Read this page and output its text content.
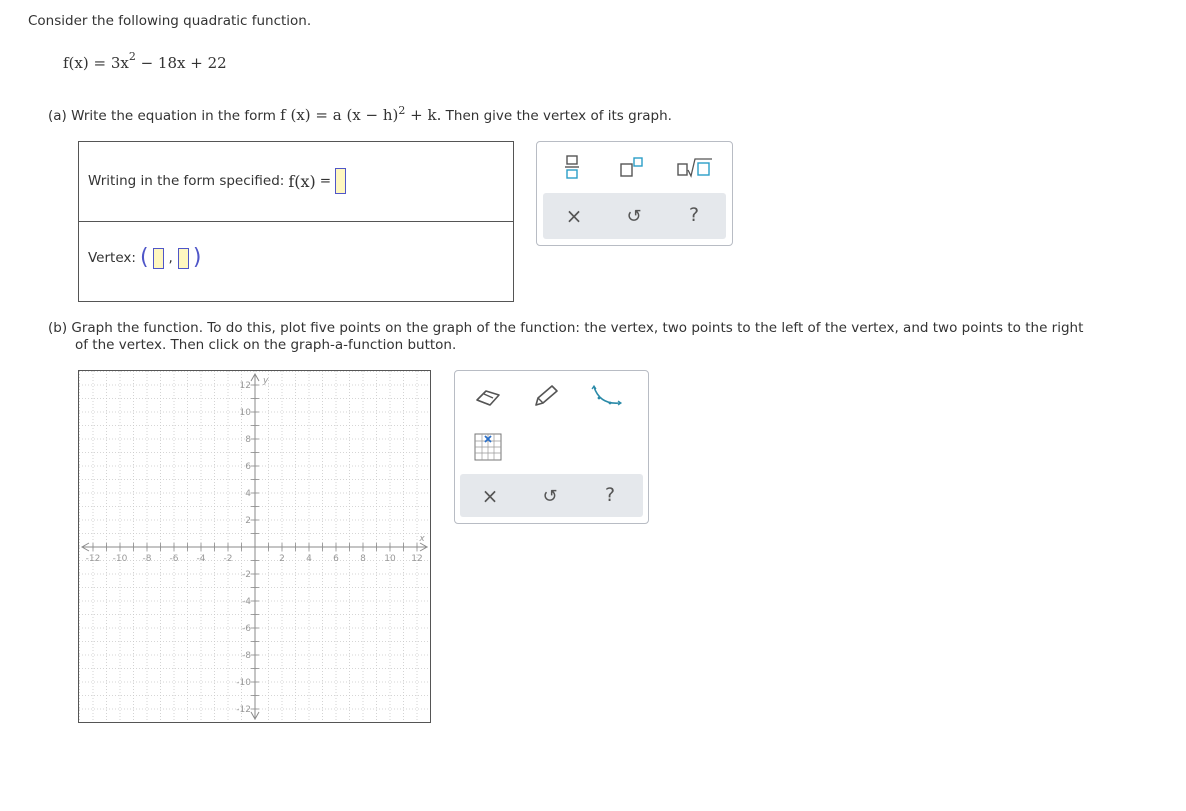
Consider the following quadratic function.
$f(x) = 3x^2 - 18x + 22$
(a) Write the equation in the form f (x) = a $(x - h)^2 + k$. Then give the vertex of its graph.
Writing in the form specified: f(x) =
Vertex: ( , )
×	↺	?
(b) Graph the function. To do this, plot five points on the graph of the function: the vertex, two points to the left of the vertex, and two points to the right
of the vertex. Then click on the graph-a-function button.
-12 -10 -8 -6 -4 -2	2 4 6 8 10 12
12
10
8
6
4
2
-2
-4
-6
-8
-10
-12
x
y
×	↺	?
